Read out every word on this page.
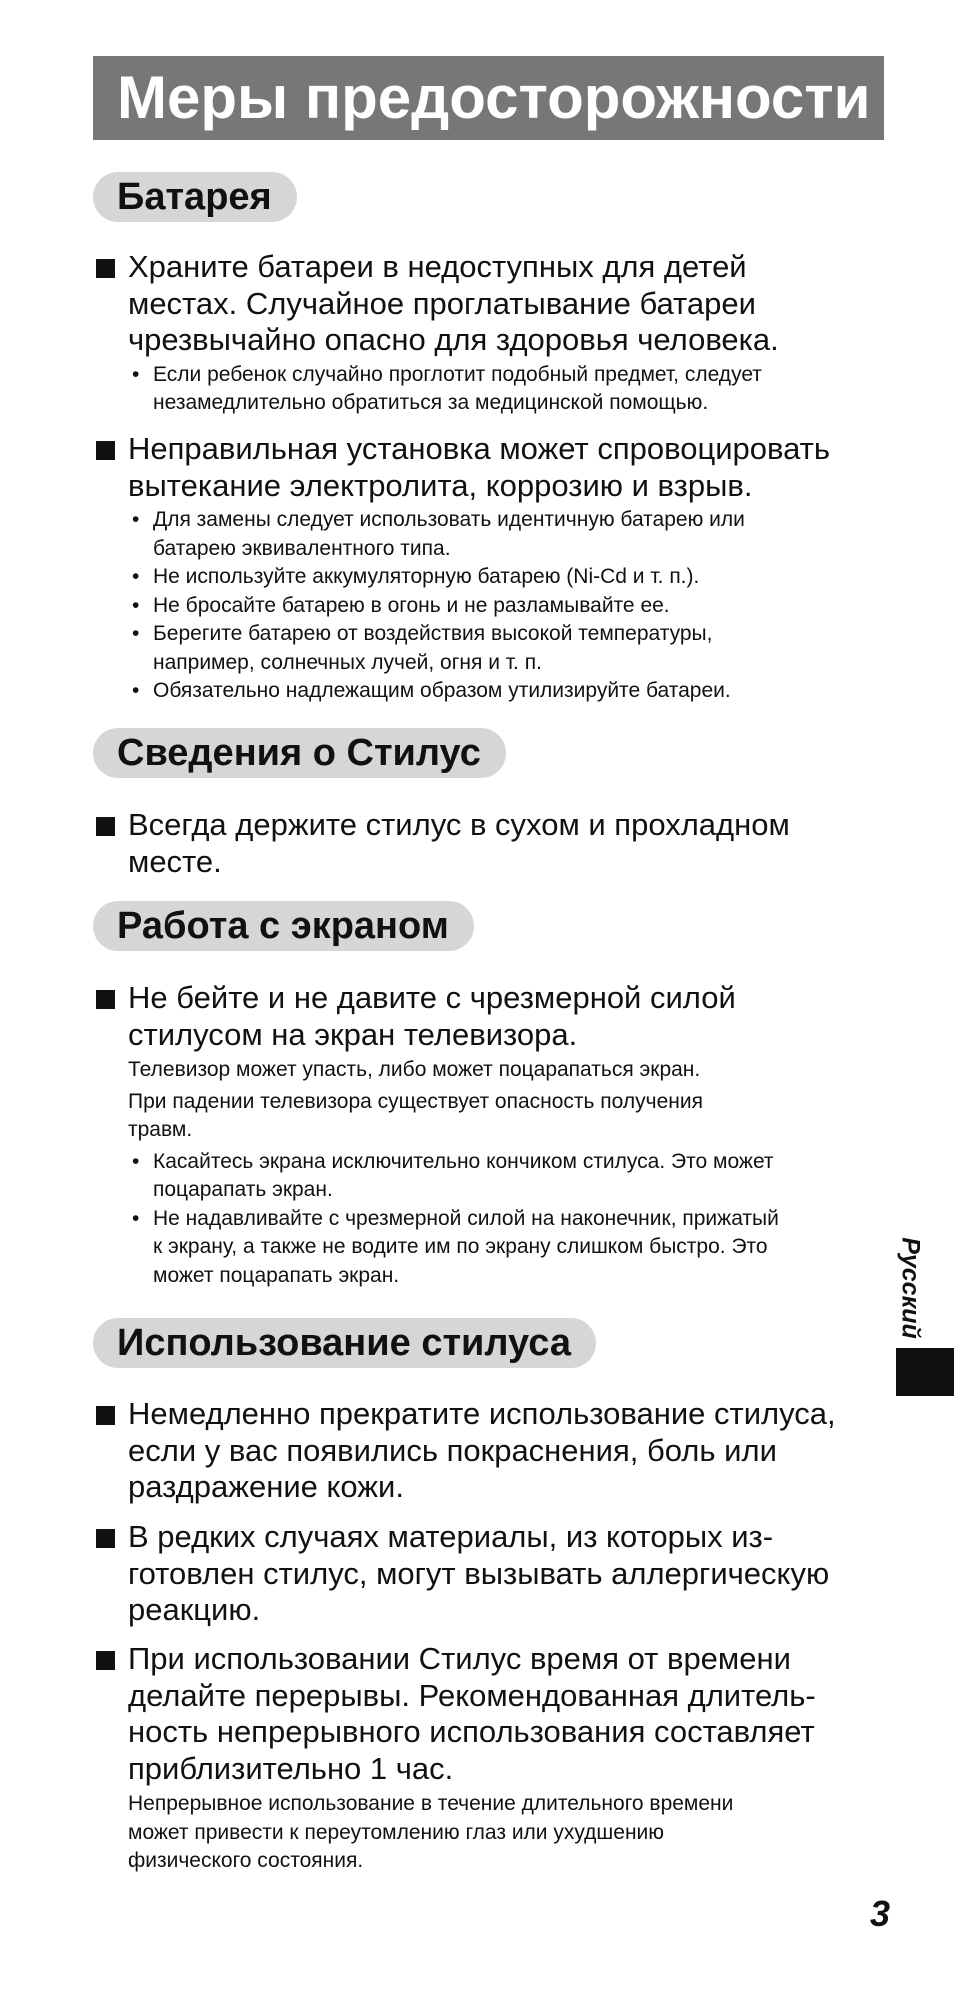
Меры предосторожности
Батарея

Храните батареи в недоступных для детей
местах. Случайное проглатывание батареи
чрезвычайно опасно для здоровья человека.

• Если ребенок случайно проглотит подобный предмет, следует
незамедлительно обратиться за медицинской помощью.

Неправильная установка может спровоцировать
вытекание электролита, коррозию и взрыв.

• Для замены следует использовать идентичную батарею или
батарею эквивалентного типа.

• Не используйте аккумуляторную батарею (Ni-Cd и т. п.).

• Не бросайте батарею в огонь и не разламывайте ее.

• Берегите батарею от воздействия высокой температуры,
например, солнечных лучей, огня и т. п.

• Обязательно надлежащим образом утилизируйте батареи.

Сведения о Стилус

Всегда держите стилус в сухом и прохладном
месте.

Работа с экраном

Не бейте и не давите с чрезмерной силой
стилусом на экран телевизора.

Телевизор может упасть, либо может поцарапаться экран.

При падении телевизора существует опасность получения
травм.

• Касайтесь экрана исключительно кончиком стилуса. Это может
поцарапать экран.

• Не надавливайте с чрезмерной силой на наконечник, прижатый
к экрану, а также не водите им по экрану слишком быстро. Это
может поцарапать экран.

Использование стилуса

Немедленно прекратите использование стилуса,
если у вас появились покраснения, боль или
раздражение кожи.

В редких случаях материалы, из которых из-
готовлен стилус, могут вызывать аллергическую
реакцию.

При использовании Стилус время от времени
делайте перерывы. Рекомендованная длитель-
ность непрерывного использования составляет
приблизительно 1 час.

Непрерывное использование в течение длительного времени
может привести к переутомлению глаз или ухудшению
физического состояния.

Русский
3
